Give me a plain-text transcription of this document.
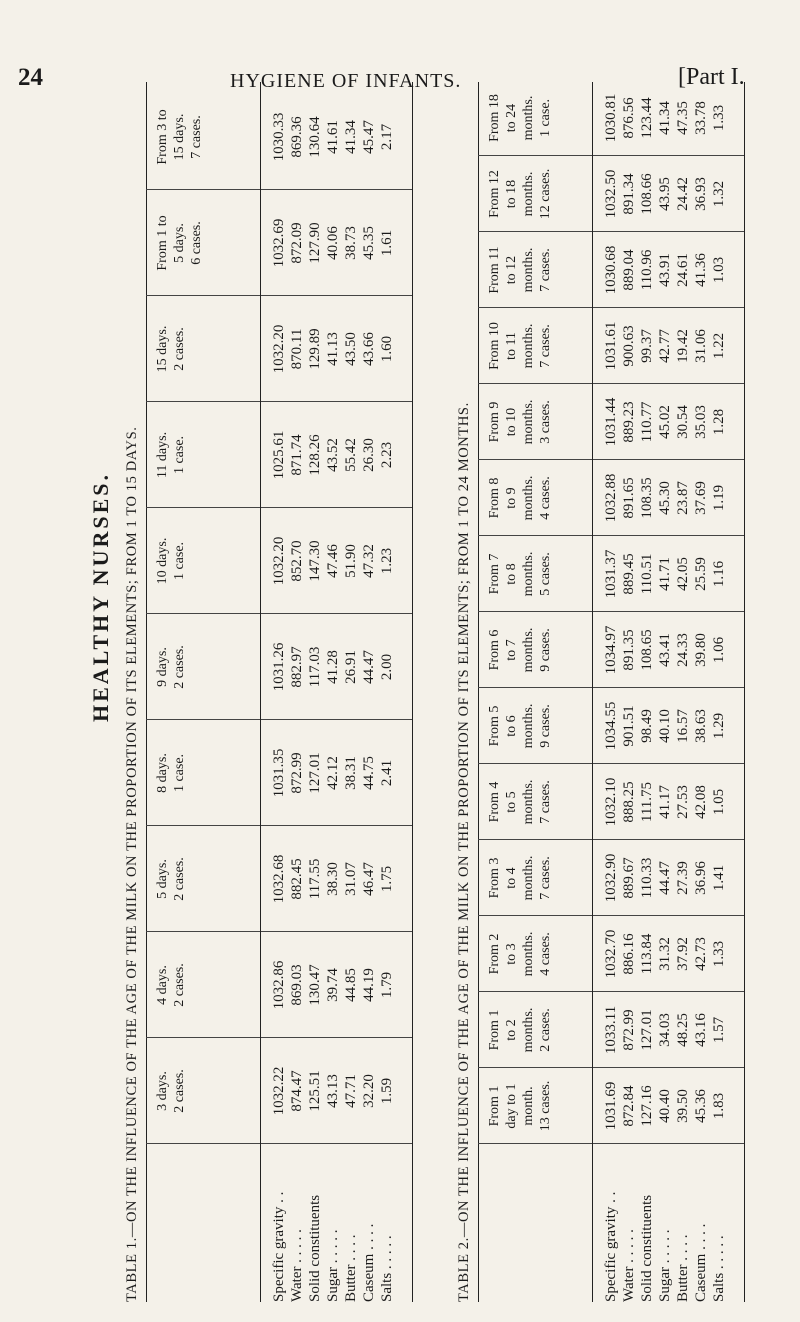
24	HYGIENE OF INFANTS.	[Part I.
HEALTHY NURSES. TABLE 1.—ON THE INFLUENCE OF THE AGE OF THE MILK ON THE PROPORTION OF ITS ELEMENTS; FROM 1 TO 15 DAYS.	Specific gravity . . Water . . . . . Solid constituents Sugar . . . . . Butter . . . . Caseum . . . . Salts . . . . .
3 days. 2 cases.	1032.22 874.47 125.51 43.13 47.71 32.20 1.59
4 days. 2 cases.	1032.86 869.03 130.47 39.74 44.85 44.19 1.79
5 days. 2 cases.	1032.68 882.45 117.55 38.30 31.07 46.47 1.75
8 days. 1 case.	1031.35 872.99 127.01 42.12 38.31 44.75 2.41
9 days. 2 cases.	1031.26 882.97 117.03 41.28 26.91 44.47 2.00
10 days. 1 case.	1032.20 852.70 147.30 47.46 51.90 47.32 1.23
11 days. 1 case.	1025.61 871.74 128.26 43.52 55.42 26.30 2.23
15 days. 2 cases.	1032.20 870.11 129.89 41.13 43.50 43.66 1.60
From 1 to 5 days. 6 cases.	1032.69 872.09 127.90 40.06 38.73 45.35 1.61
From 3 to 15 days. 7 cases.	1030.33 869.36 130.64 41.61 41.34 45.47 2.17
TABLE 2.—ON THE INFLUENCE OF THE AGE OF THE MILK ON THE PROPORTION OF ITS ELEMENTS; FROM 1 TO 24 MONTHS.	Specific gravity . . Water . . . . . Solid constituents Sugar . . . . . Butter . . . . Caseum . . . . Salts . . . . .
From 1 day to 1 month. 13 cases.	1031.69 872.84 127.16 40.40 39.50 45.36 1.83
From 1 to 2 months. 2 cases.	1033.11 872.99 127.01 34.03 48.25 43.16 1.57
From 2 to 3 months. 4 cases.	1032.70 886.16 113.84 31.32 37.92 42.73 1.33
From 3 to 4 months. 7 cases.	1032.90 889.67 110.33 44.47 27.39 36.96 1.41
From 4 to 5 months. 7 cases.	1032.10 888.25 111.75 41.17 27.53 42.08 1.05
From 5 to 6 months. 9 cases.	1034.55 901.51 98.49 40.10 16.57 38.63 1.29
From 6 to 7 months. 9 cases.	1034.97 891.35 108.65 43.41 24.33 39.80 1.06
From 7 to 8 months. 5 cases.	1031.37 889.45 110.51 41.71 42.05 25.59 1.16
From 8 to 9 months. 4 cases.	1032.88 891.65 108.35 45.30 23.87 37.69 1.19
From 9 to 10 months. 3 cases.	1031.44 889.23 110.77 45.02 30.54 35.03 1.28
From 10 to 11 months. 7 cases.	1031.61 900.63 99.37 42.77 19.42 31.06 1.22
From 11 to 12 months. 7 cases.	1030.68 889.04 110.96 43.91 24.61 41.36 1.03
From 12 to 18 months. 12 cases.	1032.50 891.34 108.66 43.95 24.42 36.93 1.32
From 18 to 24 months. 1 case.	1030.81 876.56 123.44 41.34 47.35 33.78 1.33
